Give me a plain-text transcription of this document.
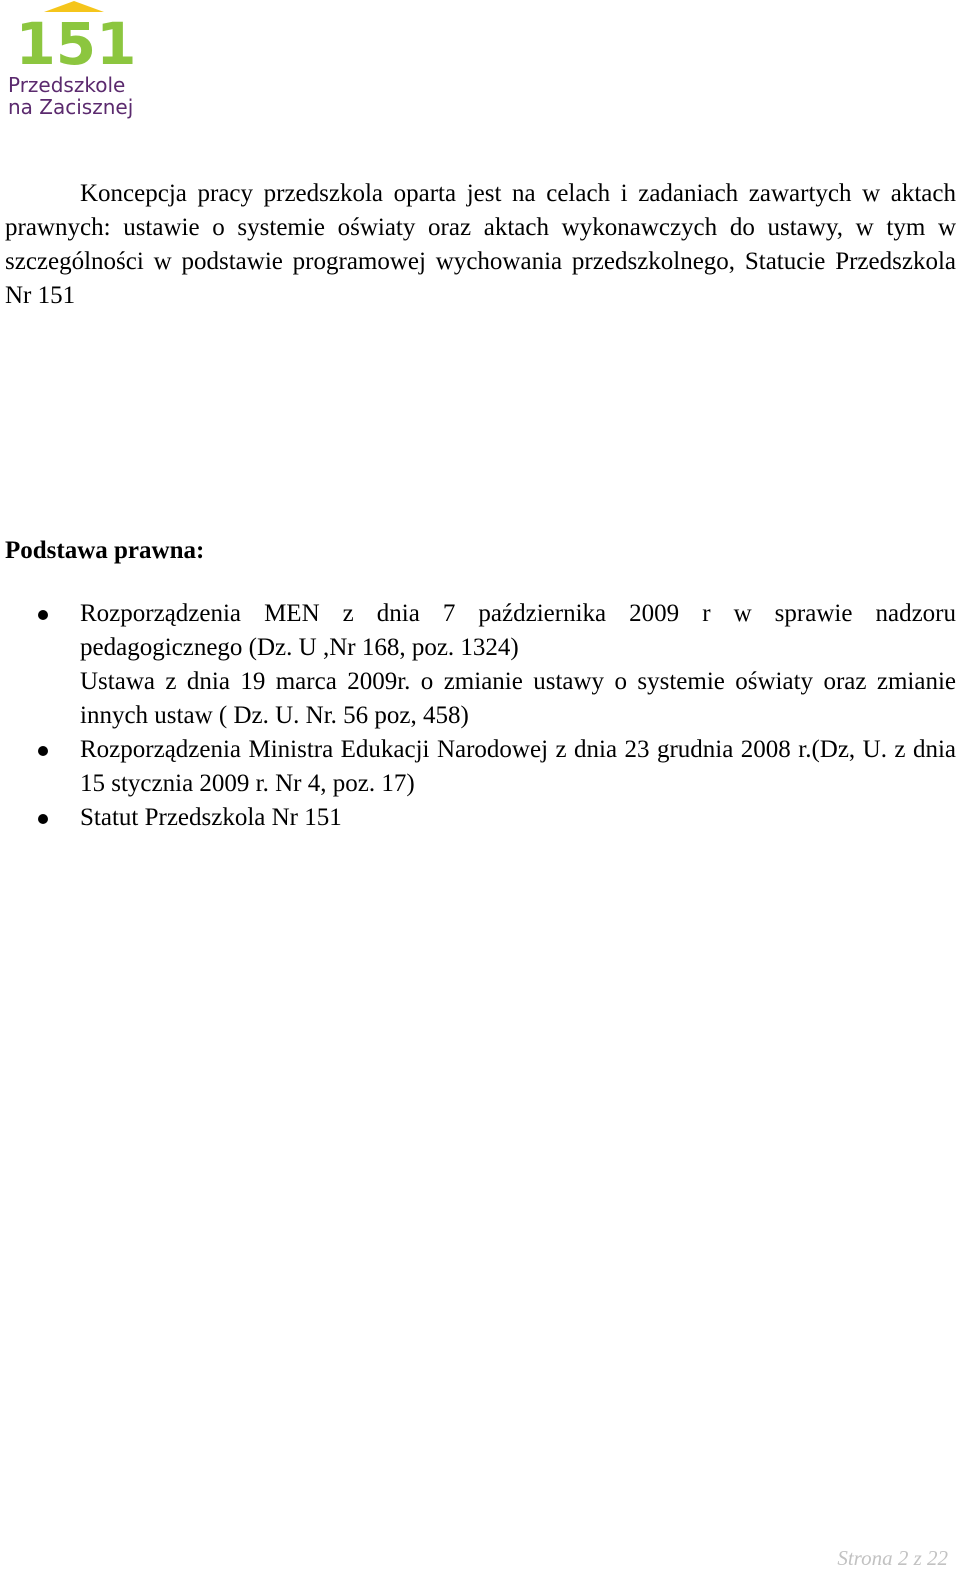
151
Przedszkole
na Zacisznej

Koncepcja pracy przedszkola oparta jest na celach i zadaniach zawartych w aktach prawnych: ustawie o systemie oświaty oraz aktach wykonawczych do ustawy, w tym w szczególności w podstawie programowej wychowania przedszkolnego, Statucie Przedszkola Nr 151

Podstawa prawna:
Rozporządzenia MEN z dnia 7 października 2009 r w sprawie nadzoru pedagogicznego (Dz. U ,Nr 168, poz. 1324)
Ustawa z dnia 19 marca 2009r. o zmianie ustawy o systemie oświaty oraz zmianie innych ustaw ( Dz. U. Nr. 56 poz, 458)
Rozporządzenia Ministra Edukacji Narodowej z dnia 23 grudnia 2008 r.(Dz, U. z dnia 15 stycznia 2009 r. Nr 4, poz. 17)
Statut Przedszkola Nr 151
Strona 2 z 22
